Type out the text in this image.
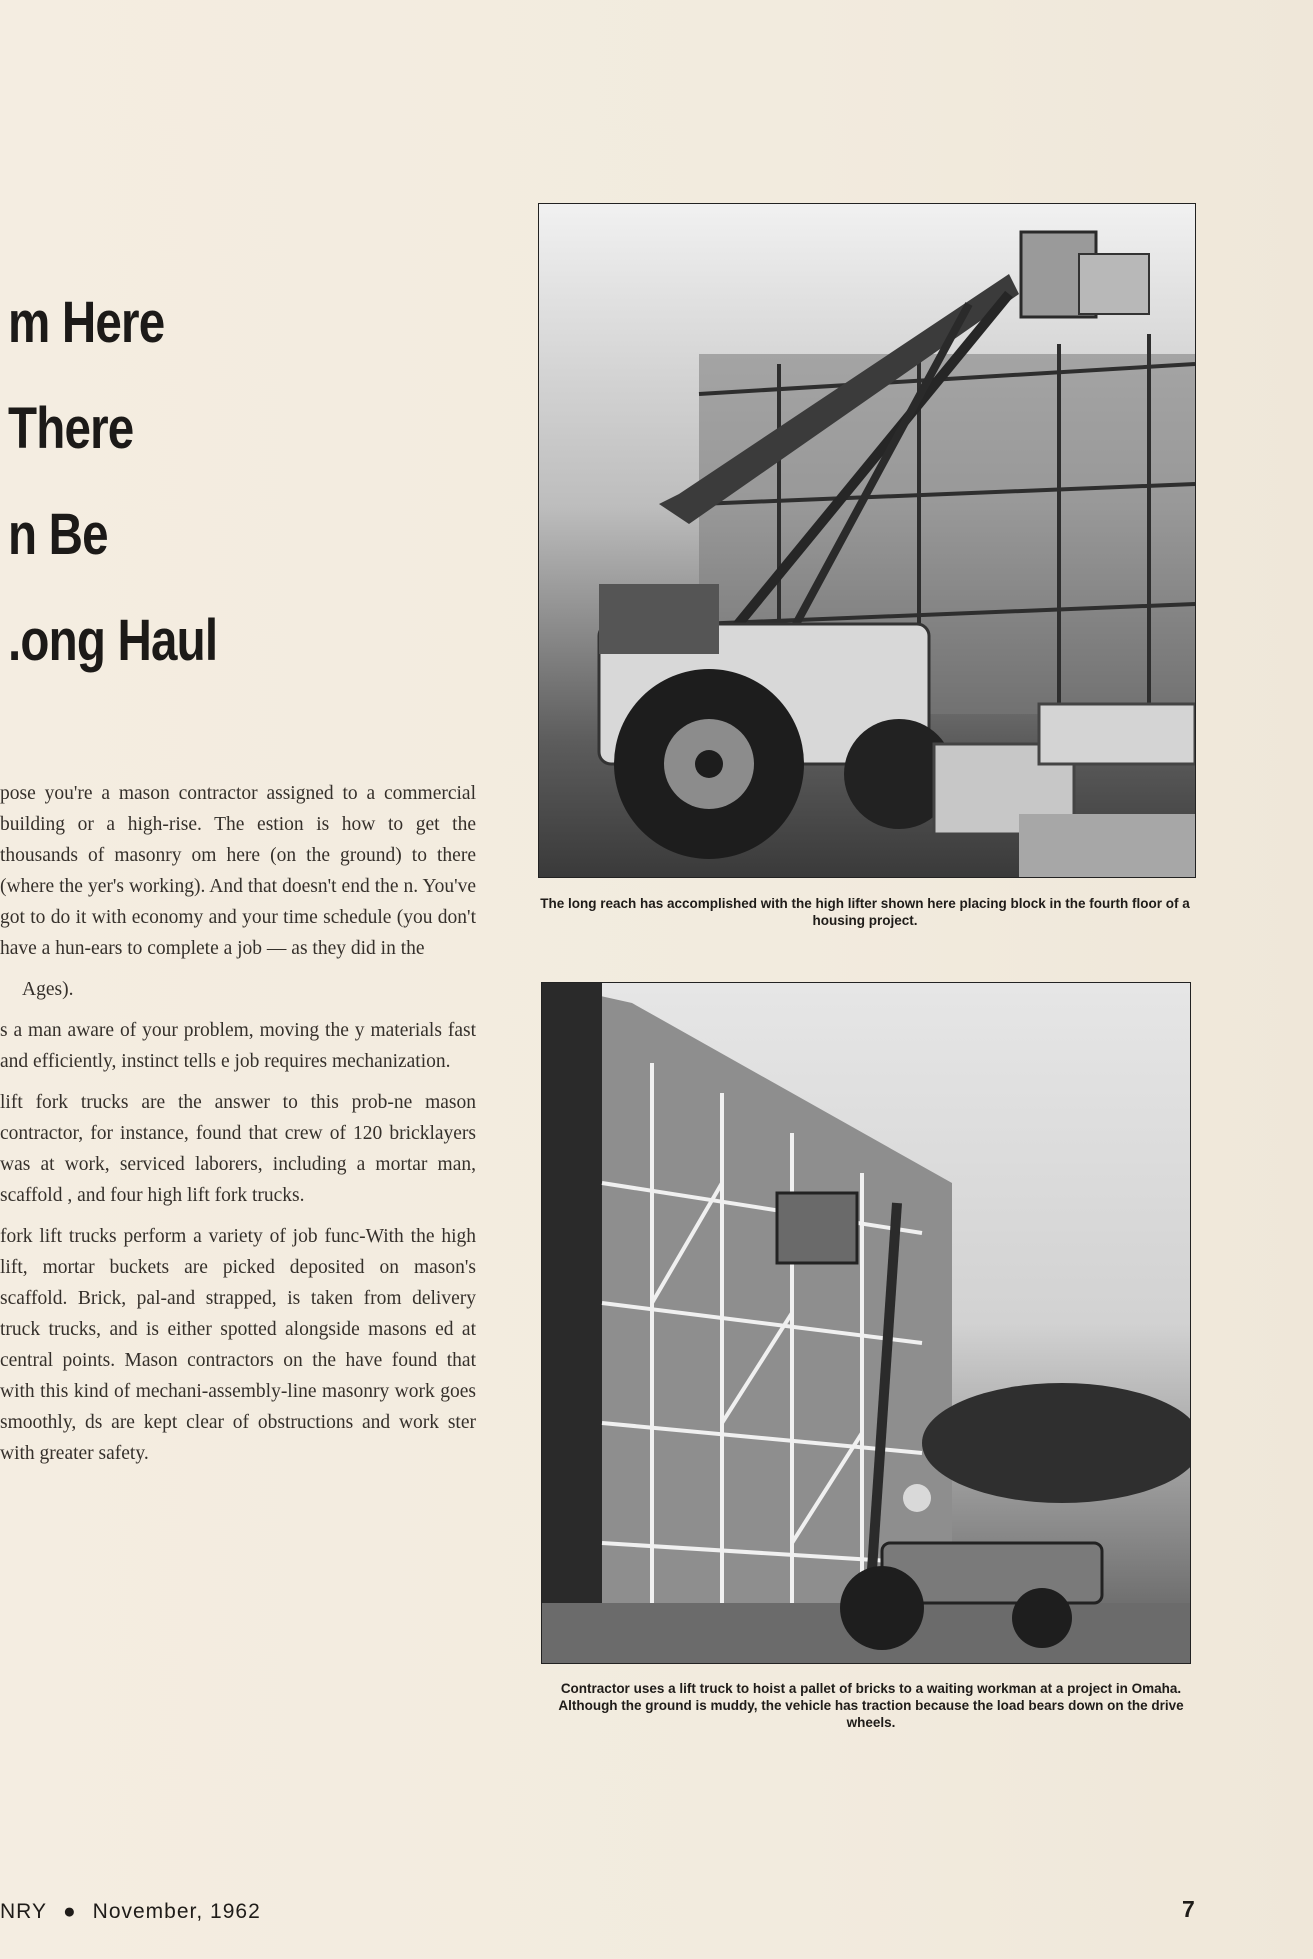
m Here
There
n Be
.ong Haul

pose you're a mason contractor assigned to a commercial building or a high-rise. The estion is how to get the thousands of masonry om here (on the ground) to there (where the yer's working). And that doesn't end the n. You've got to do it with economy and your time schedule (you don't have a hun-ears to complete a job — as they did in the

Ages).

s a man aware of your problem, moving the y materials fast and efficiently, instinct tells e job requires mechanization.

lift fork trucks are the answer to this prob-ne mason contractor, for instance, found that crew of 120 bricklayers was at work, serviced laborers, including a mortar man, scaffold , and four high lift fork trucks.

fork lift trucks perform a variety of job func-With the high lift, mortar buckets are picked deposited on mason's scaffold. Brick, pal-and strapped, is taken from delivery truck trucks, and is either spotted alongside masons ed at central points. Mason contractors on the have found that with this kind of mechani-assembly-line masonry work goes smoothly, ds are kept clear of obstructions and work ster with greater safety.

The long reach has accomplished with the high lifter shown here placing block in the fourth floor of a housing project.
Contractor uses a lift truck to hoist a pallet of bricks to a waiting workman at a project in Omaha. Although the ground is muddy, the vehicle has traction because the load bears down on the drive wheels.
NRY ● November, 1962	7
